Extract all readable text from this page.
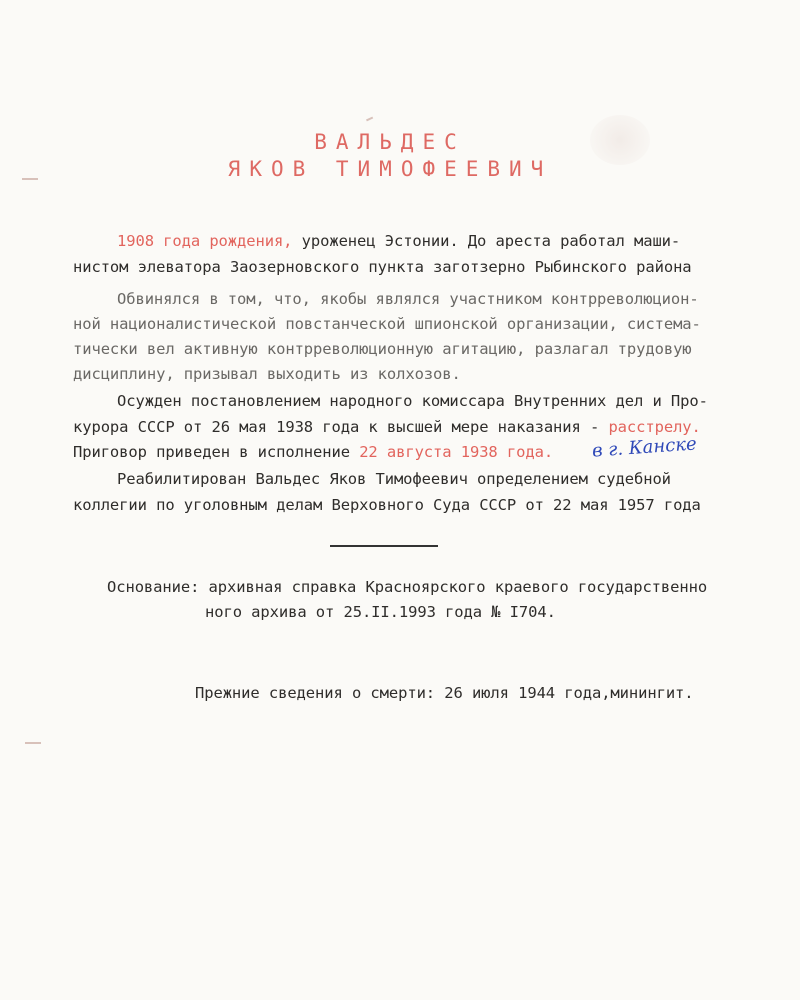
ВАЛЬДЕС
ЯКОВ ТИМОФЕЕВИЧ
1908 года рождения, уроженец Эстонии. До ареста работал маши-
нистом элеватора Заозерновского пункта заготзерно Рыбинского района
Обвинялся в том, что, якобы являлся участником контрреволюцион-
ной националистической повстанческой шпионской организации, система-
тически вел активную контрреволюционную агитацию, разлагал трудовую
дисциплину, призывал выходить из колхозов.
Осужден постановлением народного комиссара Внутренних дел и Про-
курора СССР от 26 мая 1938 года к высшей мере наказания - расстрелу.
Приговор приведен в исполнение 22 августа 1938 года. в г. Канске
Реабилитирован Вальдес Яков Тимофеевич определением судебной
коллегии по уголовным делам Верховного Суда СССР от 22 мая 1957 года
Основание: архивная справка Красноярского краевого государственно
ного архива от 25.II.1993 года № I704.
Прежние сведения о смерти: 26 июля 1944 года,минингит.
